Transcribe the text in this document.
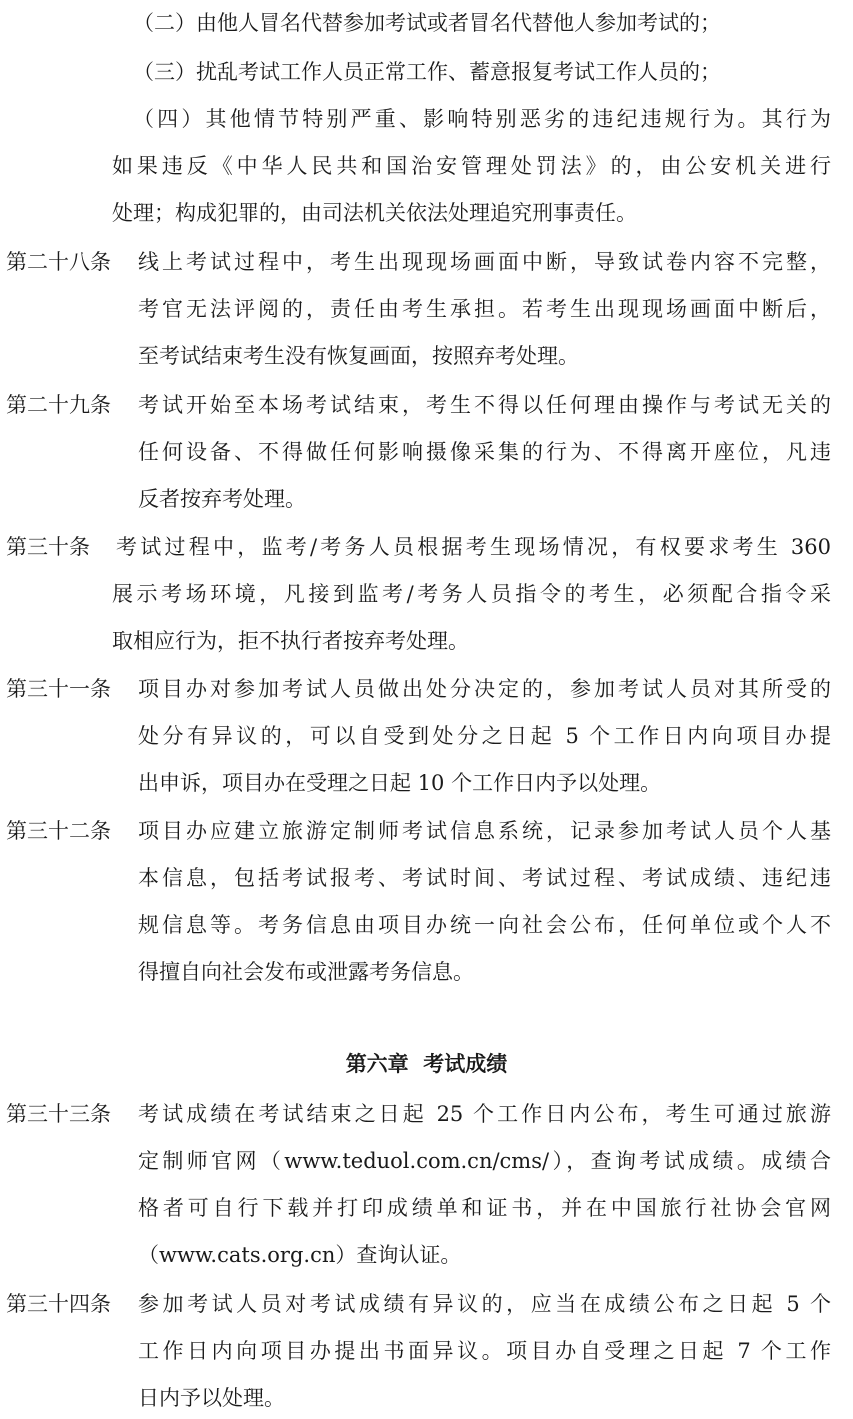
（二）由他人冒名代替参加考试或者冒名代替他人参加考试的；
（三）扰乱考试工作人员正常工作、蓄意报复考试工作人员的；
（四）其他情节特别严重、影响特别恶劣的违纪违规行为。其行为
如果违反《中华人民共和国治安管理处罚法》的，由公安机关进行
处理；构成犯罪的，由司法机关依法处理追究刑事责任。
第二十八条 线上考试过程中，考生出现现场画面中断，导致试卷内容不完整，
考官无法评阅的，责任由考生承担。若考生出现现场画面中断后，
至考试结束考生没有恢复画面，按照弃考处理。
第二十九条 考试开始至本场考试结束，考生不得以任何理由操作与考试无关的
任何设备、不得做任何影响摄像采集的行为、不得离开座位，凡违
反者按弃考处理。
第三十条 考试过程中，监考/考务人员根据考生现场情况，有权要求考生 360
展示考场环境，凡接到监考/考务人员指令的考生，必须配合指令采
取相应行为，拒不执行者按弃考处理。
第三十一条 项目办对参加考试人员做出处分决定的，参加考试人员对其所受的
处分有异议的，可以自受到处分之日起 5 个工作日内向项目办提
出申诉，项目办在受理之日起 10 个工作日内予以处理。
第三十二条 项目办应建立旅游定制师考试信息系统，记录参加考试人员个人基
本信息，包括考试报考、考试时间、考试过程、考试成绩、违纪违
规信息等。考务信息由项目办统一向社会公布，任何单位或个人不
得擅自向社会发布或泄露考务信息。
第六章  考试成绩
第三十三条 考试成绩在考试结束之日起 25 个工作日内公布，考生可通过旅游
定制师官网（www.teduol.com.cn/cms/），查询考试成绩。成绩合
格者可自行下载并打印成绩单和证书，并在中国旅行社协会官网
（www.cats.org.cn）查询认证。
第三十四条 参加考试人员对考试成绩有异议的，应当在成绩公布之日起 5 个
工作日内向项目办提出书面异议。项目办自受理之日起 7 个工作
日内予以处理。
